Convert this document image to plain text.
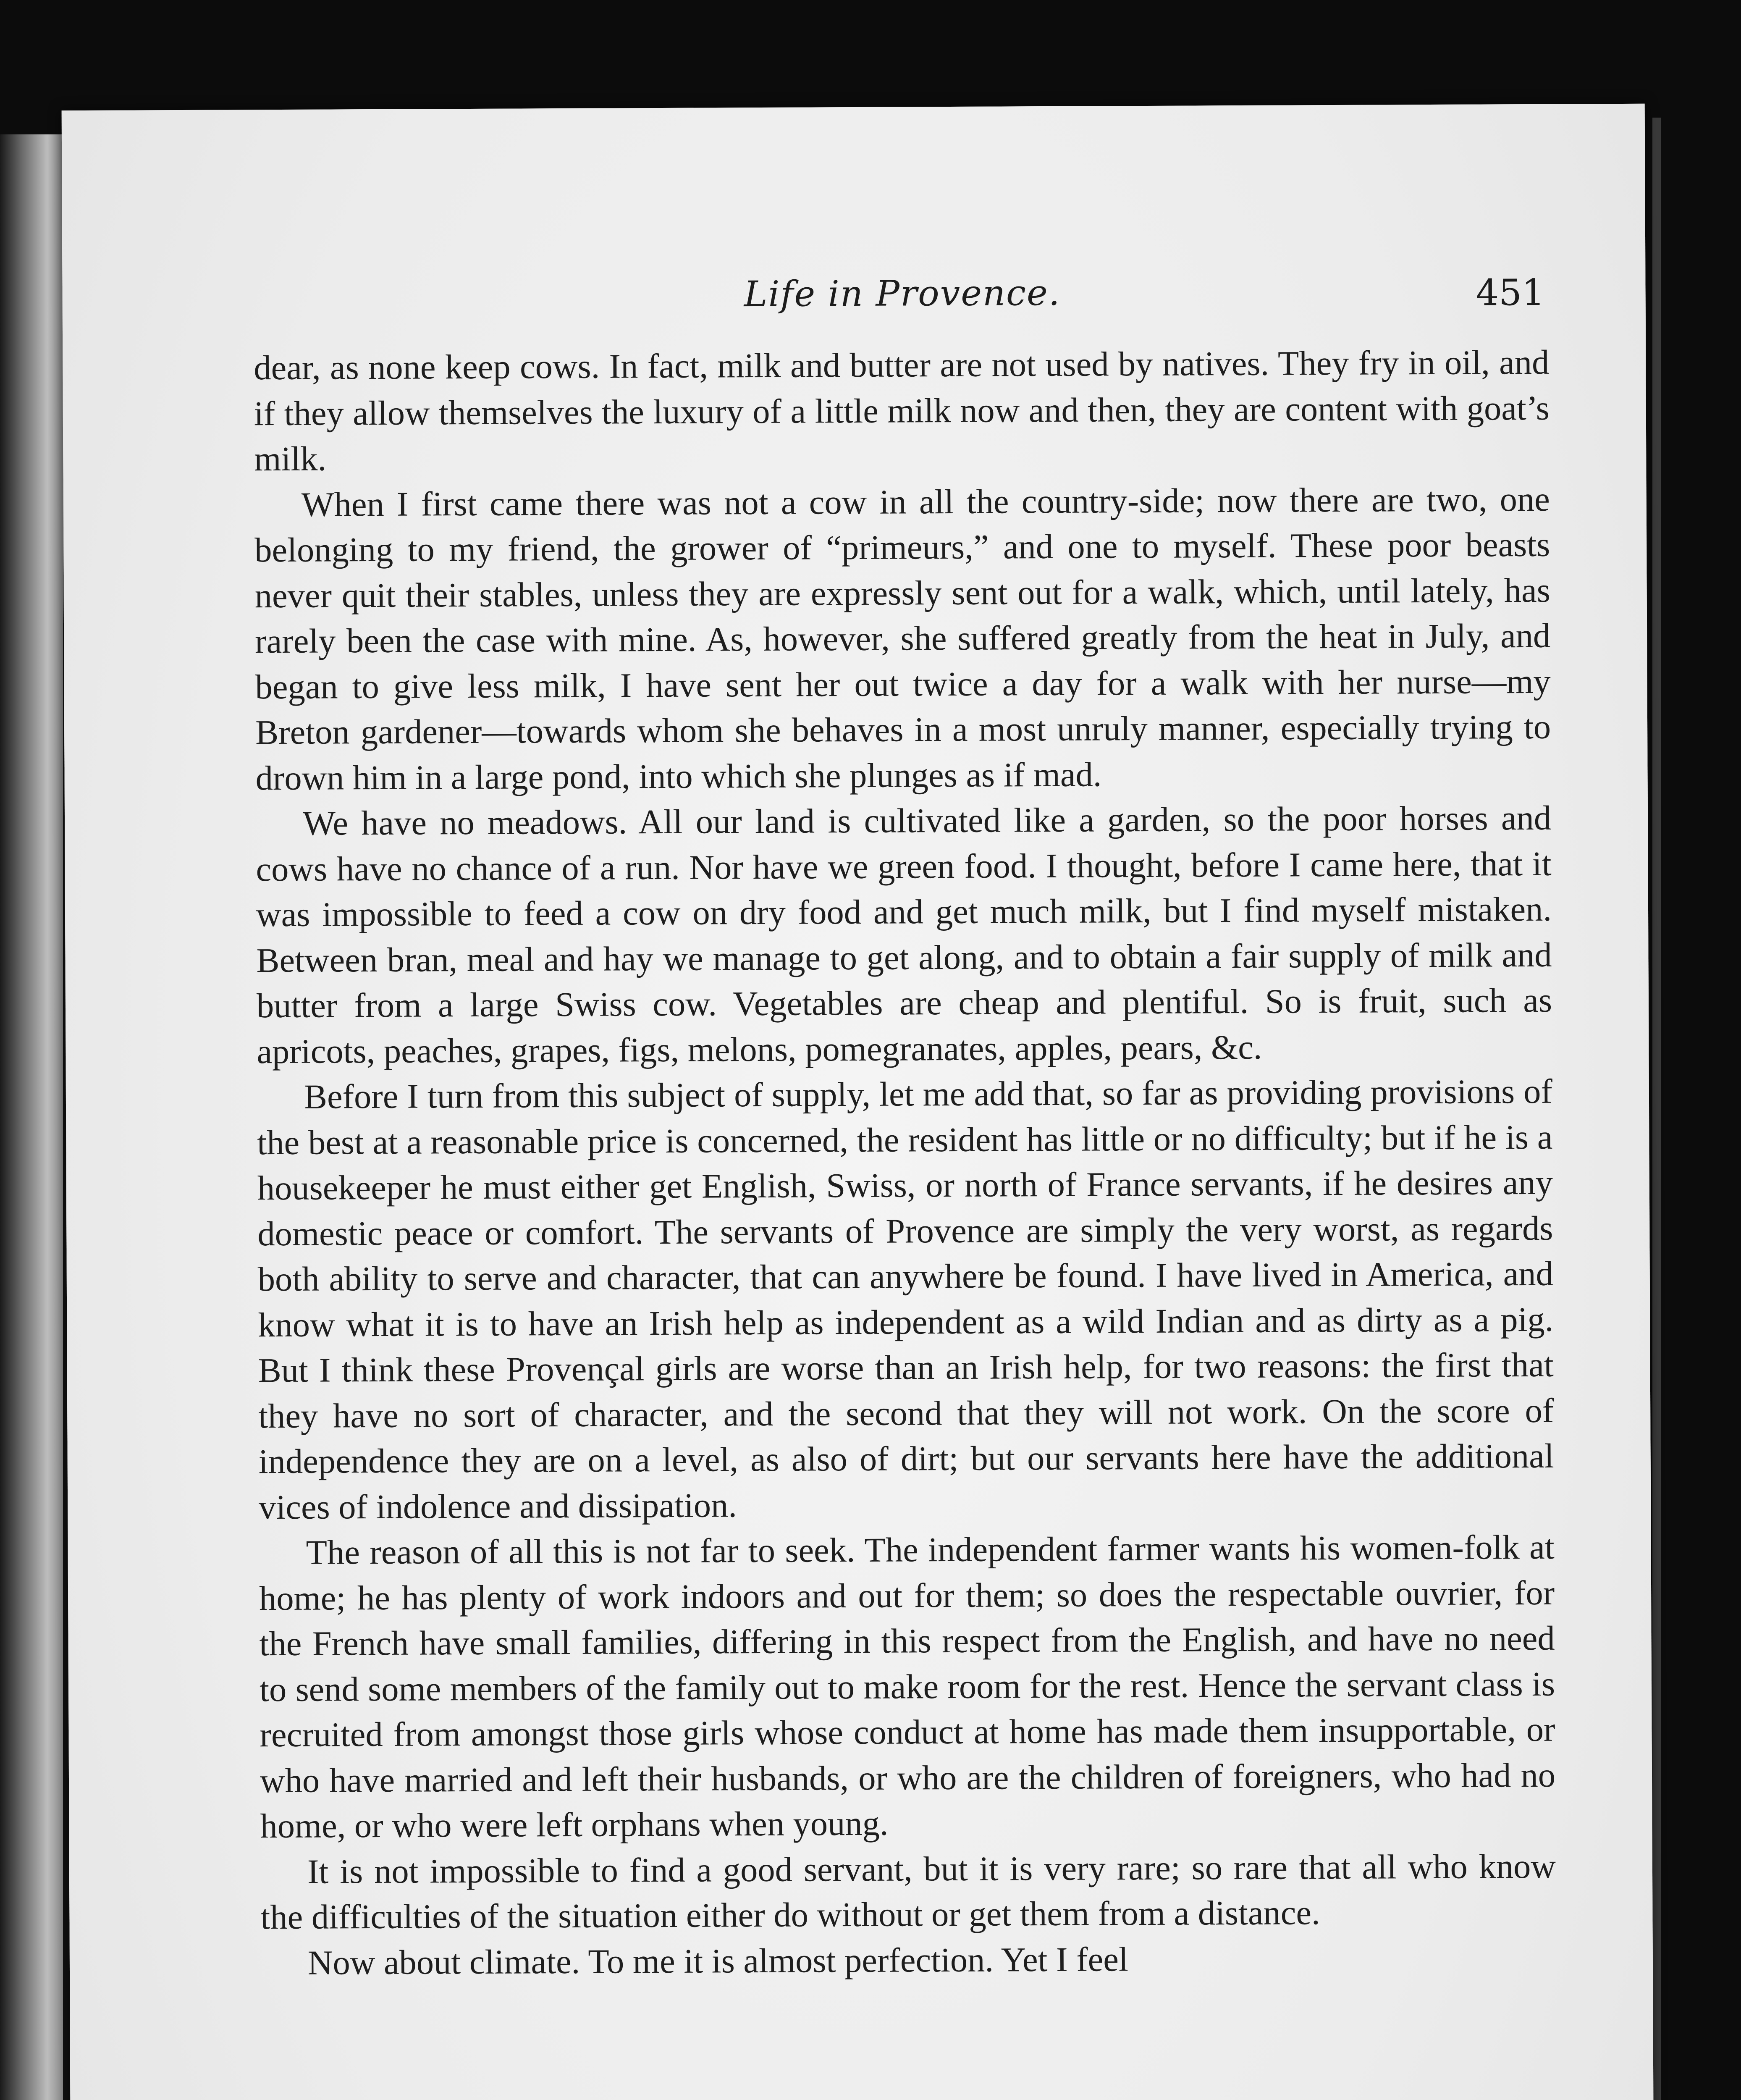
Life in Provence.	451

dear, as none keep cows. In fact, milk and butter are not used by natives. They fry in oil, and if they allow themselves the luxury of a little milk now and then, they are content with goat’s milk.

When I first came there was not a cow in all the country-side; now there are two, one belonging to my friend, the grower of “primeurs,” and one to myself. These poor beasts never quit their stables, unless they are expressly sent out for a walk, which, until lately, has rarely been the case with mine. As, however, she suffered greatly from the heat in July, and began to give less milk, I have sent her out twice a day for a walk with her nurse—my Breton gardener—towards whom she behaves in a most unruly manner, especially trying to drown him in a large pond, into which she plunges as if mad.

We have no meadows. All our land is cultivated like a garden, so the poor horses and cows have no chance of a run. Nor have we green food. I thought, before I came here, that it was impossible to feed a cow on dry food and get much milk, but I find myself mistaken. Between bran, meal and hay we manage to get along, and to obtain a fair supply of milk and butter from a large Swiss cow. Vegetables are cheap and plentiful. So is fruit, such as apricots, peaches, grapes, figs, melons, pomegranates, apples, pears, &c.

Before I turn from this subject of supply, let me add that, so far as providing provisions of the best at a reasonable price is concerned, the resident has little or no difficulty; but if he is a housekeeper he must either get English, Swiss, or north of France servants, if he desires any domestic peace or comfort. The servants of Provence are simply the very worst, as regards both ability to serve and character, that can anywhere be found. I have lived in America, and know what it is to have an Irish help as independent as a wild Indian and as dirty as a pig. But I think these Provençal girls are worse than an Irish help, for two reasons: the first that they have no sort of character, and the second that they will not work. On the score of independence they are on a level, as also of dirt; but our servants here have the additional vices of indolence and dissipation.

The reason of all this is not far to seek. The independent farmer wants his women-folk at home; he has plenty of work indoors and out for them; so does the respectable ouvrier, for the French have small families, differing in this respect from the English, and have no need to send some members of the family out to make room for the rest. Hence the servant class is recruited from amongst those girls whose conduct at home has made them insupportable, or who have married and left their husbands, or who are the children of foreigners, who had no home, or who were left orphans when young.

It is not impossible to find a good servant, but it is very rare; so rare that all who know the difficulties of the situation either do without or get them from a distance.

Now about climate. To me it is almost perfection. Yet I feel
